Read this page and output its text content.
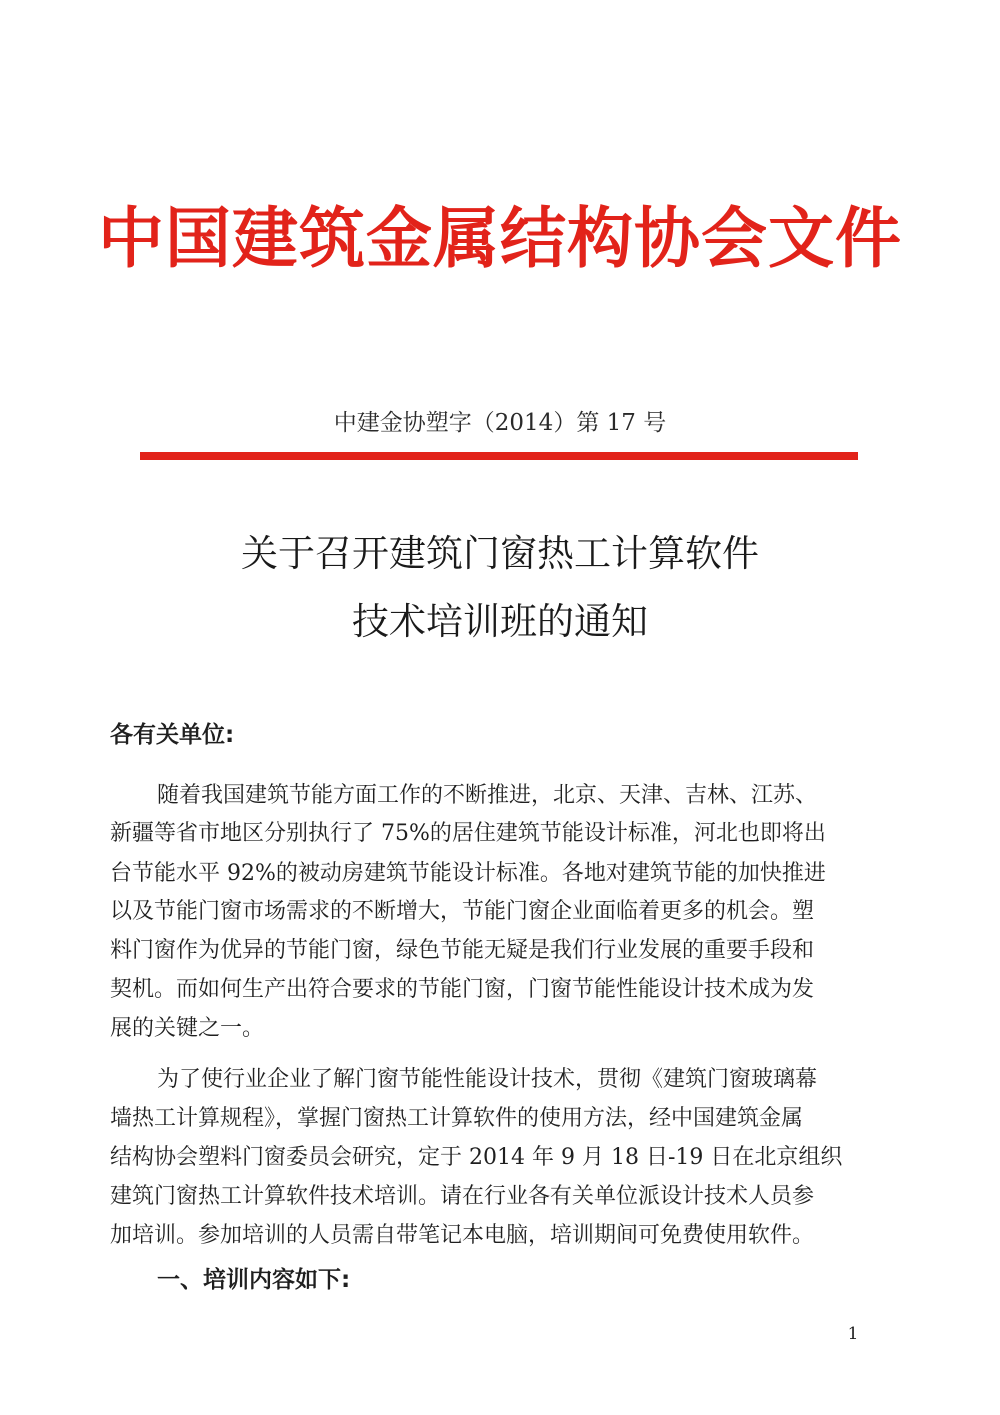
中国建筑金属结构协会文件
中建金协塑字（2014）第 17 号
关于召开建筑门窗热工计算软件
技术培训班的通知
各有关单位:
随着我国建筑节能方面工作的不断推进，北京、天津、吉林、江苏、
新疆等省市地区分别执行了 75%的居住建筑节能设计标准，河北也即将出
台节能水平 92%的被动房建筑节能设计标准。各地对建筑节能的加快推进
以及节能门窗市场需求的不断增大，节能门窗企业面临着更多的机会。塑
料门窗作为优异的节能门窗，绿色节能无疑是我们行业发展的重要手段和
契机。而如何生产出符合要求的节能门窗，门窗节能性能设计技术成为发
展的关键之一。
为了使行业企业了解门窗节能性能设计技术，贯彻《建筑门窗玻璃幕
墙热工计算规程》，掌握门窗热工计算软件的使用方法，经中国建筑金属
结构协会塑料门窗委员会研究，定于 2014 年 9 月 18 日-19 日在北京组织
建筑门窗热工计算软件技术培训。请在行业各有关单位派设计技术人员参
加培训。参加培训的人员需自带笔记本电脑，培训期间可免费使用软件。
一、培训内容如下:
1
